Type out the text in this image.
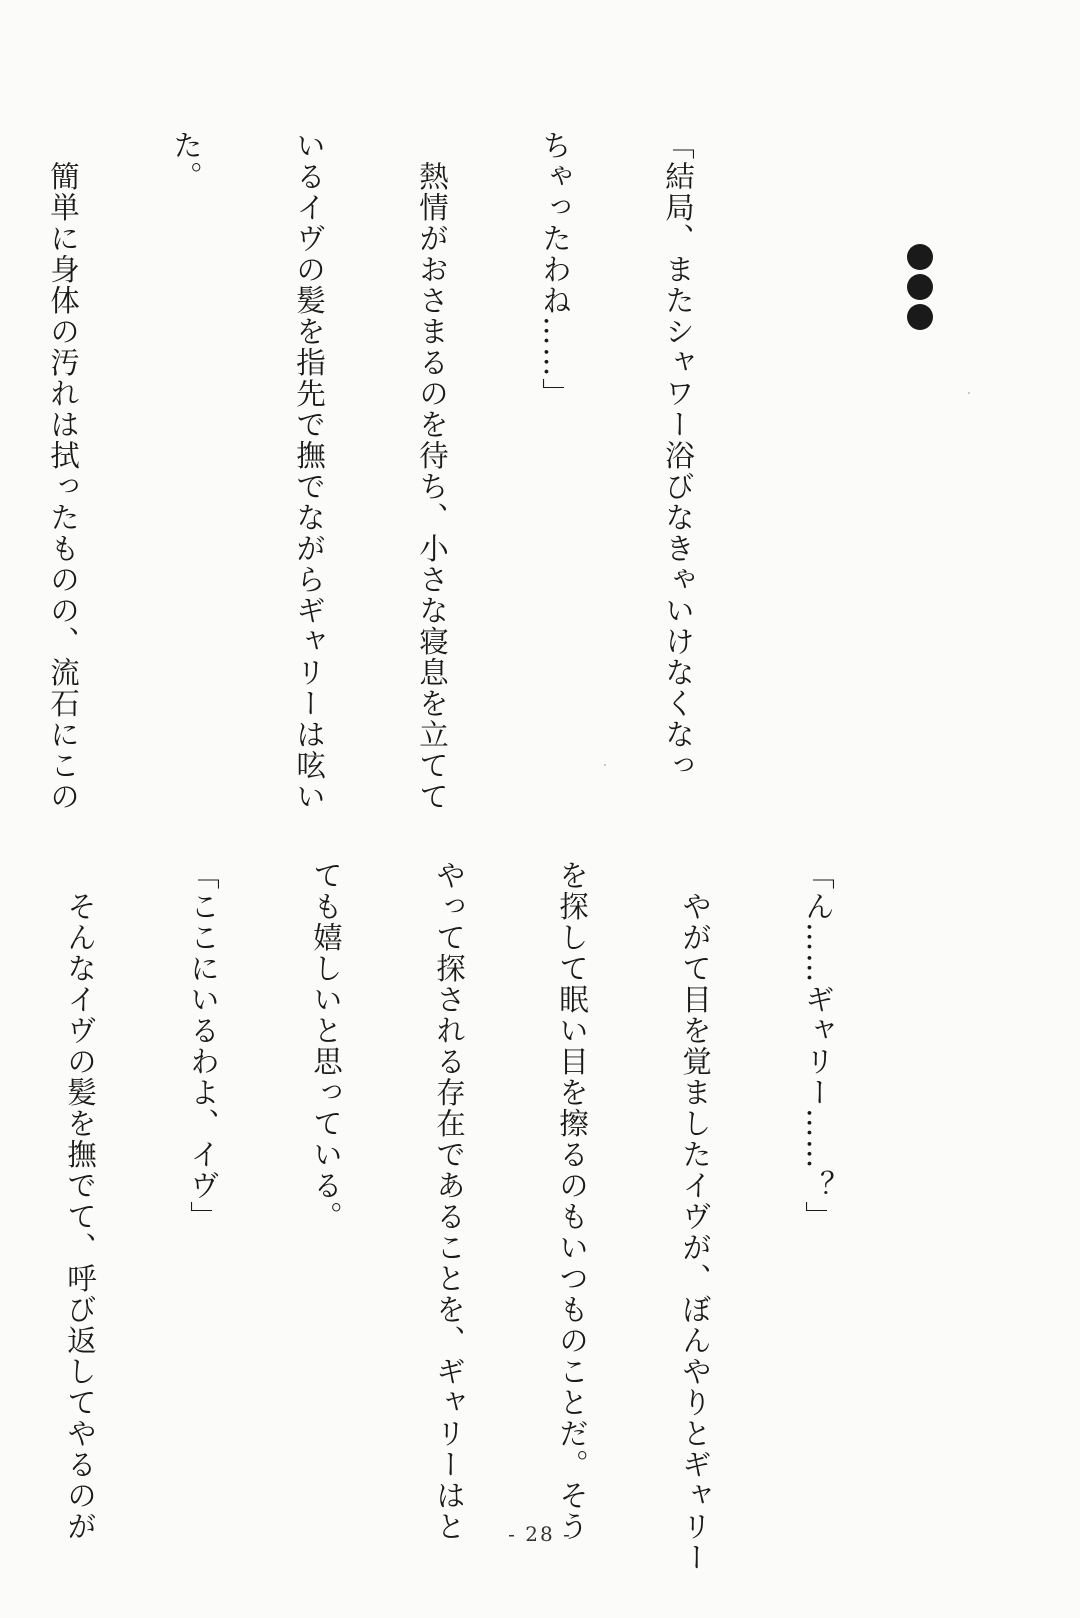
「結局、またシャワー浴びなきゃいけなくなっ

ちゃったわね……」

　熱情がおさまるのを待ち、小さな寝息を立てて

いるイヴの髪を指先で撫でながらギャリーは呟い

た。

　簡単に身体の汚れは拭ったものの、流石にこの

「ん……ギャリー……？」

　やがて目を覚ましたイヴが、ぼんやりとギャリー

を探して眠い目を擦るのもいつものことだ。そう

やって探される存在であることを、ギャリーはと

ても嬉しいと思っている。

「ここにいるわよ、イヴ」

　そんなイヴの髪を撫でて、呼び返してやるのが

	- 28 -
